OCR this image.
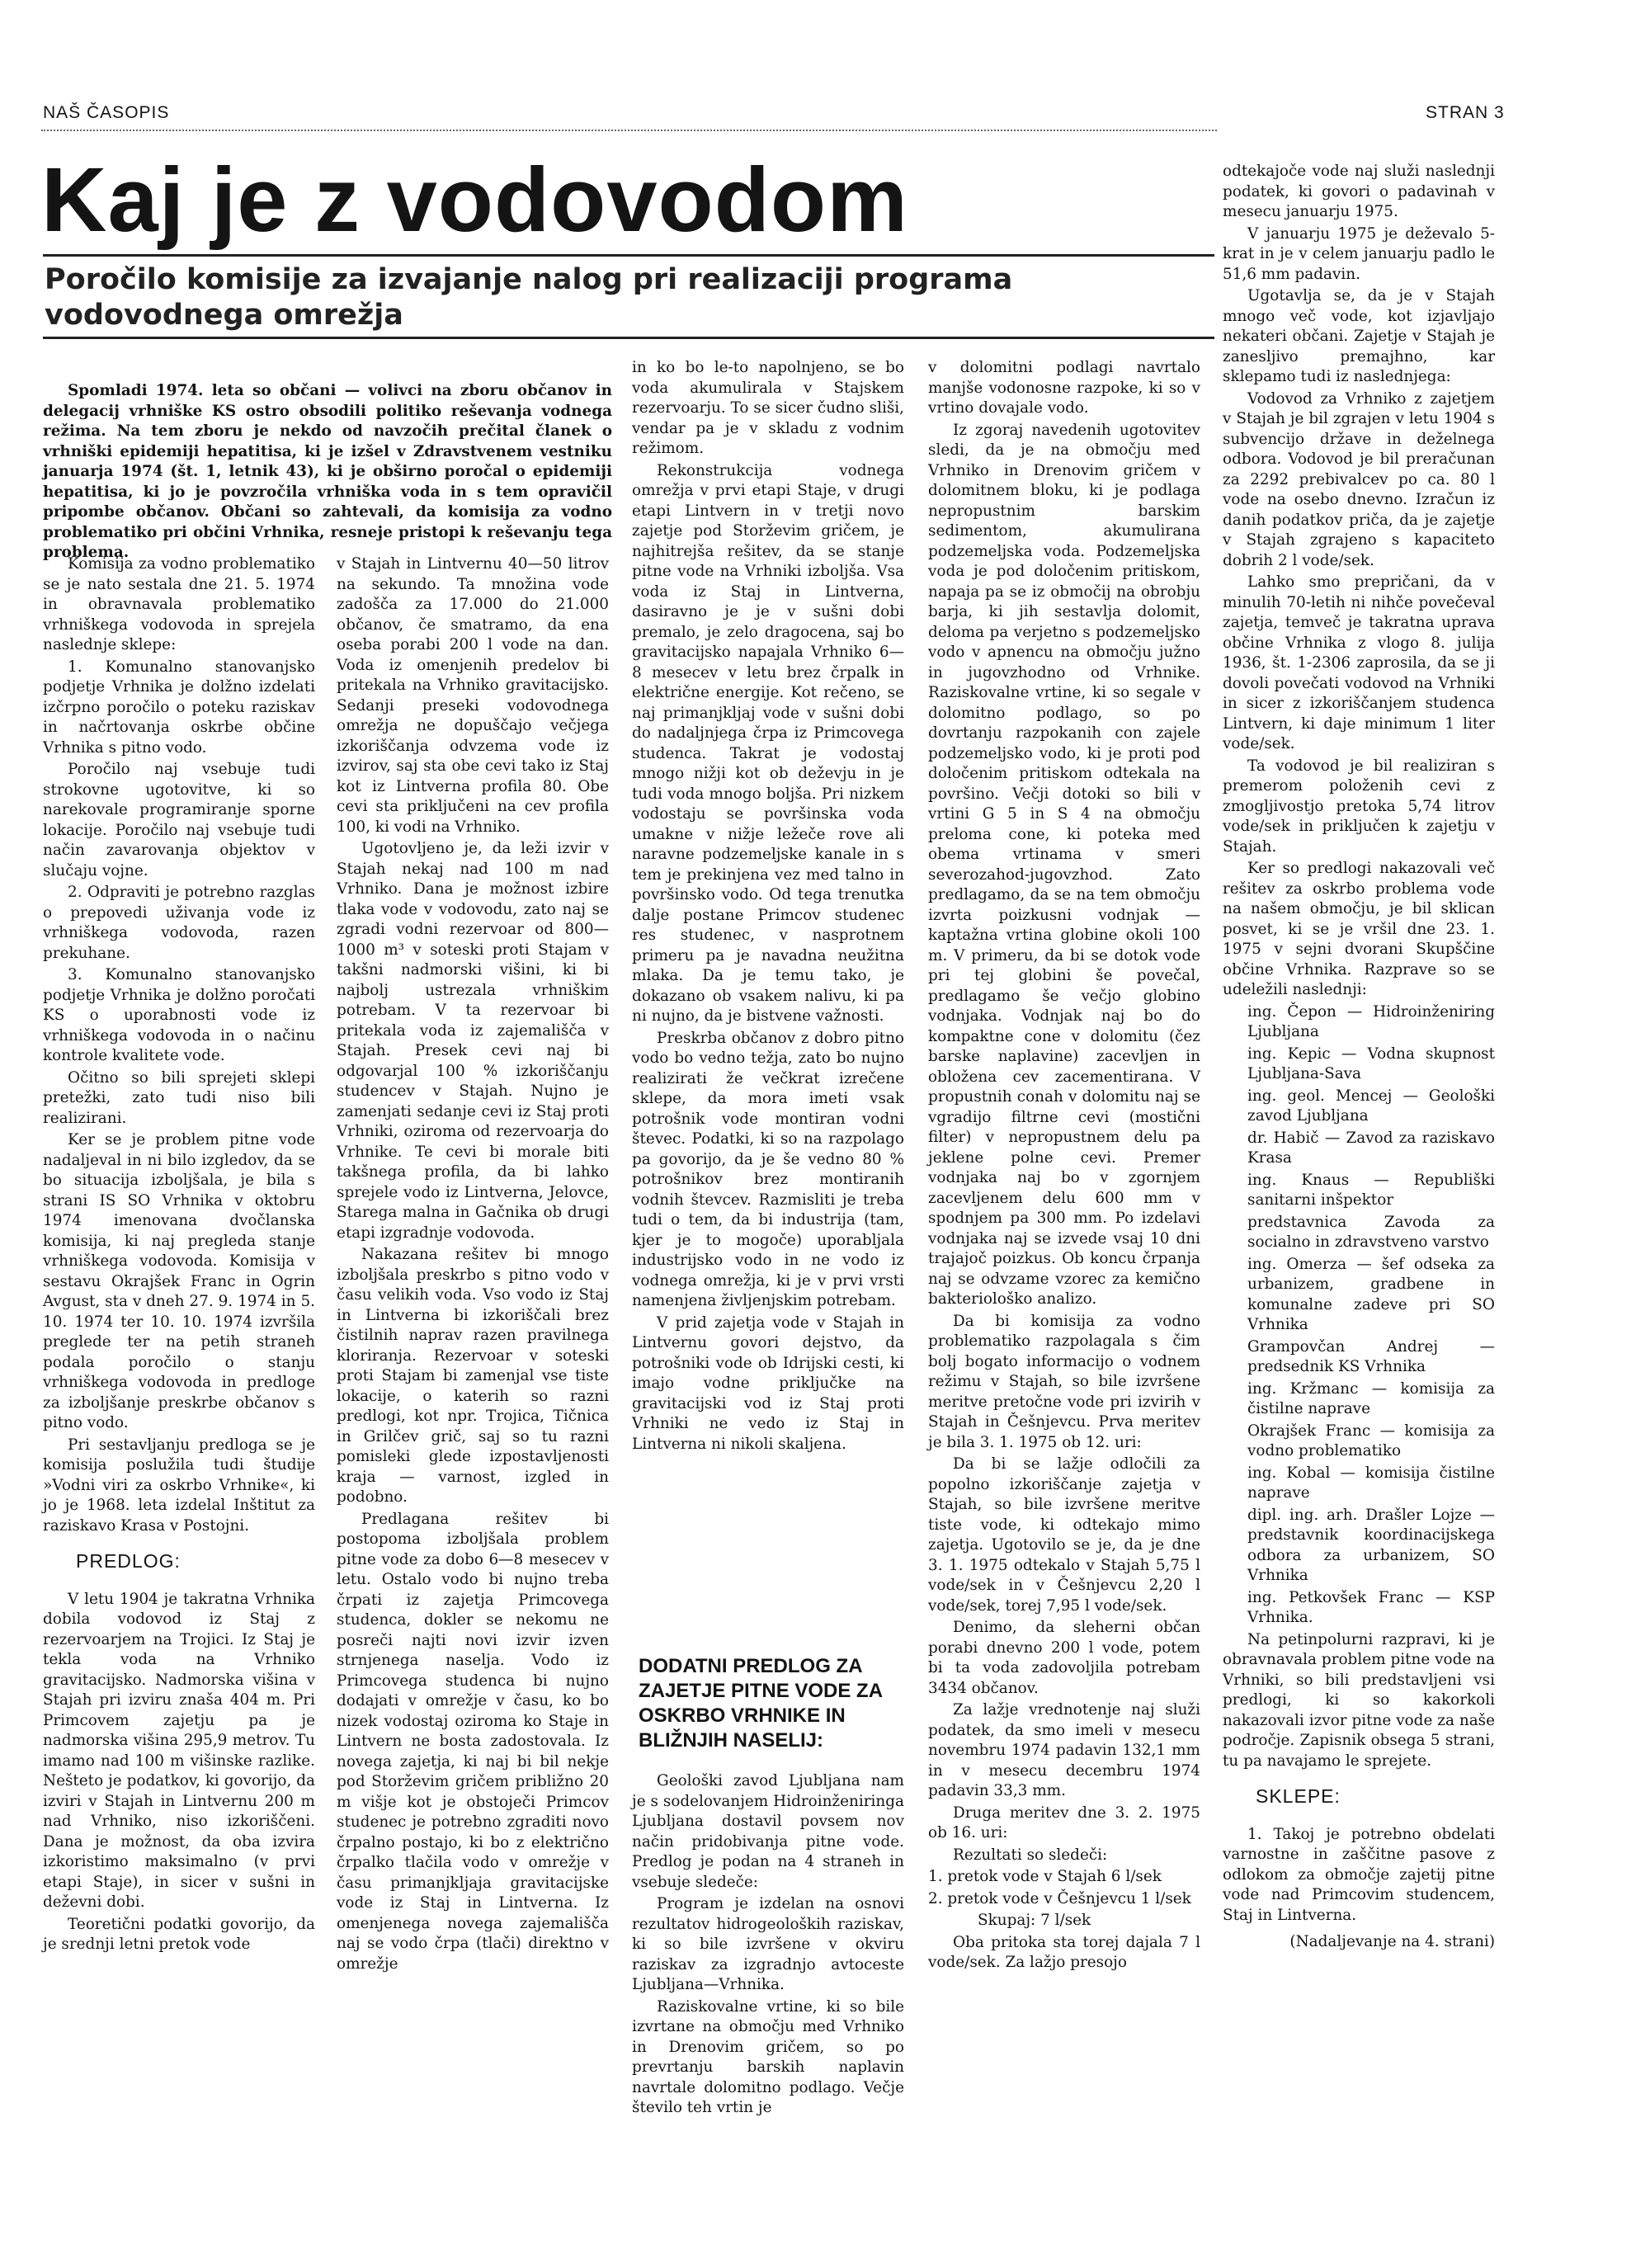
NAŠ ČASOPIS	STRAN 3
Kaj je z vodovodom
Poročilo komisije za izvajanje nalog pri realizaciji programa vodovodnega omrežja

Spomladi 1974. leta so občani — volivci na zboru občanov in delegacij vrhniške KS ostro obsodili politiko reševanja vodnega režima. Na tem zboru je nekdo od navzočih prečital članek o vrhniški epidemiji hepatitisa, ki je izšel v Zdravstvenem vestniku januarja 1974 (št. 1, letnik 43), ki je obširno poročal o epidemiji hepatitisa, ki jo je povzročila vrhniška voda in s tem opravičil pripombe občanov. Občani so zahtevali, da komisija za vodno problematiko pri občini Vrhnika, resneje pristopi k reševanju tega problema.

Komisija za vodno problematiko se je nato sestala dne 21. 5. 1974 in obravnavala problematiko vrhniškega vodovoda in sprejela naslednje sklepe:

1. Komunalno stanovanjsko podjetje Vrhnika je dolžno izdelati izčrpno poročilo o poteku raziskav in načrtovanja oskrbe občine Vrhnika s pitno vodo.

Poročilo naj vsebuje tudi strokovne ugotovitve, ki so narekovale programiranje sporne lokacije. Poročilo naj vsebuje tudi način zavarovanja objektov v slučaju vojne.

2. Odpraviti je potrebno razglas o prepovedi uživanja vode iz vrhniškega vodovoda, razen prekuhane.

3. Komunalno stanovanjsko podjetje Vrhnika je dolžno poročati KS o uporabnosti vode iz vrhniškega vodovoda in o načinu kontrole kvalitete vode.

Očitno so bili sprejeti sklepi pretežki, zato tudi niso bili realizirani.

Ker se je problem pitne vode nadaljeval in ni bilo izgledov, da se bo situacija izboljšala, je bila s strani IS SO Vrhnika v oktobru 1974 imenovana dvočlanska komisija, ki naj pregleda stanje vrhniškega vodovoda. Komisija v sestavu Okrajšek Franc in Ogrin Avgust, sta v dneh 27. 9. 1974 in 5. 10. 1974 ter 10. 10. 1974 izvršila preglede ter na petih straneh podala poročilo o stanju vrhniškega vodovoda in predloge za izboljšanje preskrbe občanov s pitno vodo.

Pri sestavljanju predloga se je komisija poslužila tudi študije »Vodni viri za oskrbo Vrhnike«, ki jo je 1968. leta izdelal Inštitut za raziskavo Krasa v Postojni.

PREDLOG:

V letu 1904 je takratna Vrhnika dobila vodovod iz Staj z rezervoarjem na Trojici. Iz Staj je tekla voda na Vrhniko gravitacijsko. Nadmorska višina v Stajah pri izviru znaša 404 m. Pri Primcovem zajetju pa je nadmorska višina 295,9 metrov. Tu imamo nad 100 m višinske razlike. Nešteto je podatkov, ki govorijo, da izviri v Stajah in Lintvernu 200 m nad Vrhniko, niso izkoriščeni. Dana je možnost, da oba izvira izkoristimo maksimalno (v prvi etapi Staje), in sicer v sušni in deževni dobi.

Teoretični podatki govorijo, da je srednji letni pretok vode

v Stajah in Lintvernu 40—50 litrov na sekundo. Ta množina vode zadošča za 17.000 do 21.000 občanov, če smatramo, da ena oseba porabi 200 l vode na dan. Voda iz omenjenih predelov bi pritekala na Vrhniko gravitacijsko. Sedanji preseki vodovodnega omrežja ne dopuščajo večjega izkoriščanja odvzema vode iz izvirov, saj sta obe cevi tako iz Staj kot iz Lintverna profila 80. Obe cevi sta priključeni na cev profila 100, ki vodi na Vrhniko.

Ugotovljeno je, da leži izvir v Stajah nekaj nad 100 m nad Vrhniko. Dana je možnost izbire tlaka vode v vodovodu, zato naj se zgradi vodni rezervoar od 800—1000 m³ v soteski proti Stajam v takšni nadmorski višini, ki bi najbolj ustrezala vrhniškim potrebam. V ta rezervoar bi pritekala voda iz zajemališča v Stajah. Presek cevi naj bi odgovarjal 100 % izkoriščanju studencev v Stajah. Nujno je zamenjati sedanje cevi iz Staj proti Vrhniki, oziroma od rezervoarja do Vrhnike. Te cevi bi morale biti takšnega profila, da bi lahko sprejele vodo iz Lintverna, Jelovce, Starega malna in Gačnika ob drugi etapi izgradnje vodovoda.

Nakazana rešitev bi mnogo izboljšala preskrbo s pitno vodo v času velikih voda. Vso vodo iz Staj in Lintverna bi izkoriščali brez čistilnih naprav razen pravilnega kloriranja. Rezervoar v soteski proti Stajam bi zamenjal vse tiste lokacije, o katerih so razni predlogi, kot npr. Trojica, Tičnica in Grilčev grič, saj so tu razni pomisleki glede izpostavljenosti krajа — varnost, izgled in podobno.

Predlagana rešitev bi postopoma izboljšala problem pitne vode za dobo 6—8 mesecev v letu. Ostalo vodo bi nujno trebа črpati iz zajetja Primcovega studenca, dokler se nekomu ne posreči najti novi izvir izven strnjenega naselja. Vodo iz Primcovega studenca bi nujno dodajati v omrežje v času, ko bo nizek vodostaj oziroma ko Staje in Lintvern ne bosta zadostovala. Iz novega zajetja, ki naj bi bil nekje pod Storževim gričem približno 20 m višje kot je obstoječi Primcov studenec je potrebno zgraditi novo črpalno postajo, ki bo z električno črpalko tlačila vodo v omrežje v času primanjkljaja gravitacijske vode iz Staj in Lintverna. Iz omenjenega novega zajemališča naj se vodo črpa (tlači) direktno v omrežje

in ko bo le-to napolnjeno, se bo voda akumulirala v Stajskem rezervoarju. To se sicer čudno sliši, vendar pa je v skladu z vodnim režimom.

Rekonstrukcija vodnega omrežja v prvi etapi Staje, v drugi etapi Lintvern in v tretji novo zajetje pod Storževim gričem, je najhitrejša rešitev, da se stanje pitne vode na Vrhniki izboljša. Vsa voda iz Staj in Lintverna, dasiravno je je v sušni dobi premalo, je zelo dragocena, saj bo gravitacijsko napajala Vrhniko 6—8 mesecev v letu brez črpalk in električne energije. Kot rečeno, se naj primanjkljaj vode v sušni dobi do nadaljnjega črpa iz Primcovega studenca. Takrat je vodostaj mnogo nižji kot ob deževju in je tudi voda mnogo boljša. Pri nizkem vodostaju se površinska voda umakne v nižje ležeče rove ali naravne podzemeljske kanale in s tem je prekinjena vez med talno in površinsko vodo. Od tega trenutka dalje postane Primcov studenec res studenec, v nasprotnem primeru pa je navadna neužitna mlaka. Da je temu tako, je dokazano ob vsakem nalivu, ki pa ni nujno, da je bistvene važnosti.

Preskrba občanov z dobro pitno vodo bo vedno težja, zato bo nujno realizirati že večkrat izrečene sklepe, da mora imeti vsak potrošnik vode montiran vodni števec. Podatki, ki so na razpolago pa govorijo, da je še vedno 80 % potrošnikov brez montiranih vodnih števcev. Razmisliti je treba tudi o tem, da bi industrija (tam, kjer je to mogoče) uporabljala industrijsko vodo in ne vodo iz vodnega omrežja, ki je v prvi vrsti namenjena življenjskim potrebam.

V prid zajetja vode v Stajah in Lintvernu govori dejstvo, da potrošniki vode ob Idrijski cesti, ki imajo vodne priključke na gravitacijski vod iz Staj proti Vrhniki ne vedo iz Staj in Lintverna ni nikoli skaljena.

DODATNI PREDLOG ZA ZAJETJE PITNE VODE ZA OSKRBO VRHNIKE IN BLIŽNJIH NASELIJ:

Geološki zavod Ljubljana nam je s sodelovanjem Hidroinženiringa Ljubljana dostavil povsem nov način pridobivanja pitne vode. Predlog je podan na 4 straneh in vsebuje sledeče:

Program je izdelan na osnovi rezultatov hidrogeoloških raziskav, ki so bile izvršene v okviru raziskav za izgradnjo avtoceste Ljubljana—Vrhnika.

Raziskovalne vrtine, ki so bile izvrtane na območju med Vrhniko in Drenovim gričem, so po prevrtanju barskih naplavin navrtale dolomitno podlago. Večje število teh vrtin je

v dolomitni podlagi navrtalo manjše vodonosne razpoke, ki so v vrtino dovajale vodo.

Iz zgoraj navedenih ugotovitev sledi, da je na območju med Vrhniko in Drenovim gričem v dolomitnem bloku, ki je podlaga nepropustnim barskim sedimentom, akumulirana podzemeljska voda. Podzemeljska voda je pod določenim pritiskom, napaja pa se iz območij na obrobju barja, ki jih sestavlja dolomit, deloma pa verjetno s podzemeljsko vodo v apnencu na območju južno in jugovzhodno od Vrhnike. Raziskovalne vrtine, ki so segale v dolomitno podlago, so po dovrtanju razpokanih con zajele podzemeljsko vodo, ki je proti pod določenim pritiskom odtekala na površino. Večji dotoki so bili v vrtini G 5 in S 4 na območju preloma cone, ki poteka med obema vrtinama v smeri severozahod-jugovzhod. Zato predlagamo, da se na tem območju izvrta poizkusni vodnjak — kaptažna vrtina globine okoli 100 m. V primeru, da bi se dotok vode pri tej globini še povečal, predlagamo še večjo globino vodnjaka. Vodnjak naj bo do kompaktne cone v dolomitu (čez barske naplavine) zacevljen in obložena cev zacementirana. V propustnih conah v dolomitu naj se vgradijo filtrne cevi (mostični filter) v nepropustnem delu pa jeklene polne cevi. Premer vodnjaka naj bo v zgornjem zacevljenem delu 600 mm v spodnjem pa 300 mm. Po izdelavi vodnjaka naj se izvede vsaj 10 dni trajajoč poizkus. Ob koncu črpanja naj se odvzame vzorec za kemično bakteriološko analizo.

Da bi komisija za vodno problematiko razpolagala s čim bolj bogato informacijo o vodnem režimu v Stajah, so bile izvršene meritve pretočne vode pri izvirih v Stajah in Češnjevcu. Prva meritev je bila 3. 1. 1975 ob 12. uri:

Da bi se lažje odločili za popolno izkoriščanje zajetja v Stajah, so bile izvršene meritve tiste vode, ki odtekajo mimo zajetja. Ugotovilo se je, da je dne 3. 1. 1975 odtekalo v Stajah 5,75 l vode/sek in v Češnjevcu 2,20 l vode/sek, torej 7,95 l vode/sek.

Denimo, da sleherni občan porabi dnevno 200 l vode, potem bi ta voda zadovoljila potrebam 3434 občanov.

Za lažje vrednotenje naj služi podatek, da smo imeli v mesecu novembru 1974 padavin 132,1 mm in v mesecu decembru 1974 padavin 33,3 mm.

Druga meritev dne 3. 2. 1975 ob 16. uri:

Rezultati so sledeči:

1. pretok vode v Stajah 6 l/sek

2. pretok vode v Češnjevcu 1 l/sek

Skupaj: 7 l/sek

Oba pritoka sta torej dajala 7 l vode/sek. Za lažjo presojo

odtekajoče vode naj služi naslednji podatek, ki govori o padavinah v mesecu januarju 1975.

V januarju 1975 je deževalo 5-krat in je v celem januarju padlo le 51,6 mm padavin.

Ugotavlja se, da je v Stajah mnogo več vode, kot izjavljajo nekateri občani. Zajetje v Stajah je zanesljivo premajhno, kar sklepamo tudi iz naslednjega:

Vodovod za Vrhniko z zajetjem v Stajah je bil zgrajen v letu 1904 s subvencijo države in deželnega odbora. Vodovod je bil preračunan za 2292 prebivalcev po ca. 80 l vode na osebo dnevno. Izračun iz danih podatkov priča, da je zajetje v Stajah zgrajeno s kapaciteto dobrih 2 l vode/sek.

Lahko smo prepričani, da v minulih 70-letih ni nihče povečeval zajetja, temveč je takratna uprava občine Vrhnika z vlogo 8. julija 1936, št. 1-2306 zaprosila, da se ji dovoli povečati vodovod na Vrhniki in sicer z izkoriščanjem studenca Lintvern, ki daje minimum 1 liter vode/sek.

Ta vodovod je bil realiziran s premerom položenih cevi z zmogljivostjo pretoka 5,74 litrov vode/sek in priključen k zajetju v Stajah.

Ker so predlogi nakazovali več rešitev za oskrbo problema vode na našem območju, je bil sklican posvet, ki se je vršil dne 23. 1. 1975 v sejni dvorani Skupščine občine Vrhnika. Razprave so se udeležili naslednji:

ing. Čepon — Hidroinženiring Ljubljana

ing. Kepic — Vodna skupnost Ljubljana-Sava

ing. geol. Mencej — Geološki zavod Ljubljana

dr. Habič — Zavod za raziskavo Krasa

ing. Knaus — Republiški sanitarni inšpektor

predstavnica Zavoda za socialno in zdravstveno varstvo

ing. Omerza — šef odseka za urbanizem, gradbene in komunalne zadeve pri SO Vrhnika

Grampovčan Andrej — predsednik KS Vrhnika

ing. Kržmanc — komisija za čistilne naprave

Okrajšek Franc — komisija za vodno problematiko

ing. Kobal — komisija čistilne naprave

dipl. ing. arh. Drašler Lojze — predstavnik koordinacijskega odbora za urbanizem, SO Vrhnika

ing. Petkovšek Franc — KSP Vrhnika.

Na petinpolurni razpravi, ki je obravnavala problem pitne vode na Vrhniki, so bili predstavljeni vsi predlogi, ki so kakorkoli nakazovali izvor pitne vode za naše področje. Zapisnik obsega 5 strani, tu pa navajamo le sprejete.

SKLEPE:

1. Takoj je potrebno obdelati varnostne in zaščitne pasove z odlokom za območje zajetij pitne vode nad Primcovim studencem, Staj in Lintverna.

(Nadaljevanje na 4. strani)
